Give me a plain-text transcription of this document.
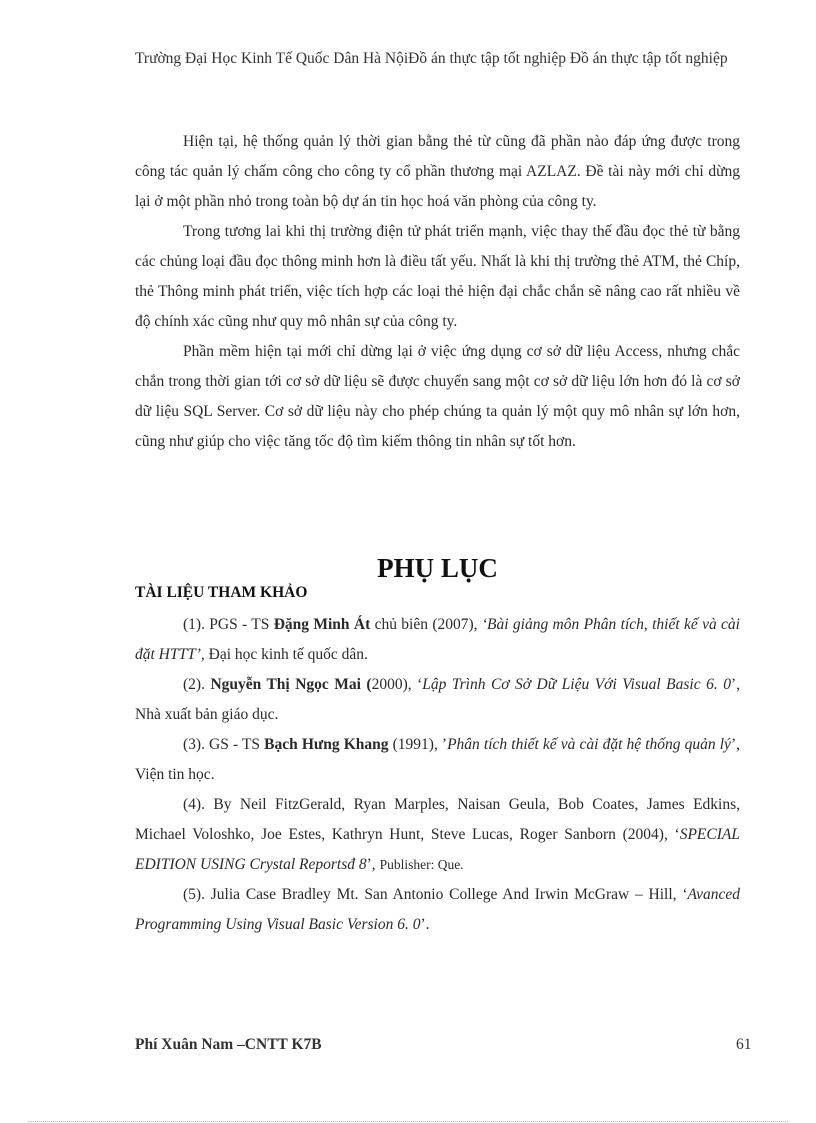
Trường Đại Học Kinh Tế Quốc Dân Hà NộiĐồ án thực tập tốt nghiệp Đồ án thực tập tốt nghiệp

Hiện tại, hệ thống quản lý thời gian bằng thẻ từ cũng đã phần nào đáp ứng được trong công tác quản lý chấm công cho công ty cổ phần thương mại AZLAZ. Đề tài này mới chỉ dừng lại ở một phần nhỏ trong toàn bộ dự án tin học hoá văn phòng của công ty.

Trong tương lai khi thị trường điện tử phát triển mạnh, việc thay thế đầu đọc thẻ từ bằng các chủng loại đầu đọc thông minh hơn là điều tất yếu. Nhất là khi thị trường thẻ ATM, thẻ Chíp, thẻ Thông minh phát triển, việc tích hợp các loại thẻ hiện đại chắc chắn sẽ nâng cao rất nhiều về độ chính xác cũng như quy mô nhân sự của công ty.

Phần mềm hiện tại mới chỉ dừng lại ở việc ứng dụng cơ sở dữ liệu Access, nhưng chắc chắn trong thời gian tới cơ sở dữ liệu sẽ được chuyển sang một cơ sở dữ liệu lớn hơn đó là cơ sở dữ liệu SQL Server. Cơ sở dữ liệu này cho phép chúng ta quản lý một quy mô nhân sự lớn hơn, cũng như giúp cho việc tăng tốc độ tìm kiếm thông tin nhân sự tốt hơn.

PHỤ LỤC
TÀI LIỆU THAM KHẢO

(1). PGS - TS Đặng Minh Át chủ biên (2007), ‘Bài giảng môn Phân tích, thiết kế và cài đặt HTTT’, Đại học kinh tế quốc dân.

(2). Nguyễn Thị Ngọc Mai (2000), ‘Lập Trình Cơ Sở Dữ Liệu Với Visual Basic 6. 0’, Nhà xuất bản giáo dục.

(3). GS - TS Bạch Hưng Khang (1991), ’Phân tích thiết kế và cài đặt hệ thống quản lý’, Viện tin học.

(4). By Neil FitzGerald, Ryan Marples, Naisan Geula, Bob Coates, James Edkins, Michael Voloshko, Joe Estes, Kathryn Hunt, Steve Lucas, Roger Sanborn (2004), ‘SPECIAL EDITION USING Crystal Reportsđ 8’, Publisher: Que.

(5). Julia Case Bradley Mt. San Antonio College And Irwin McGraw – Hill, ‘Avanced Programming Using Visual Basic Version 6. 0’.

Phí Xuân Nam –CNTT K7B	61
